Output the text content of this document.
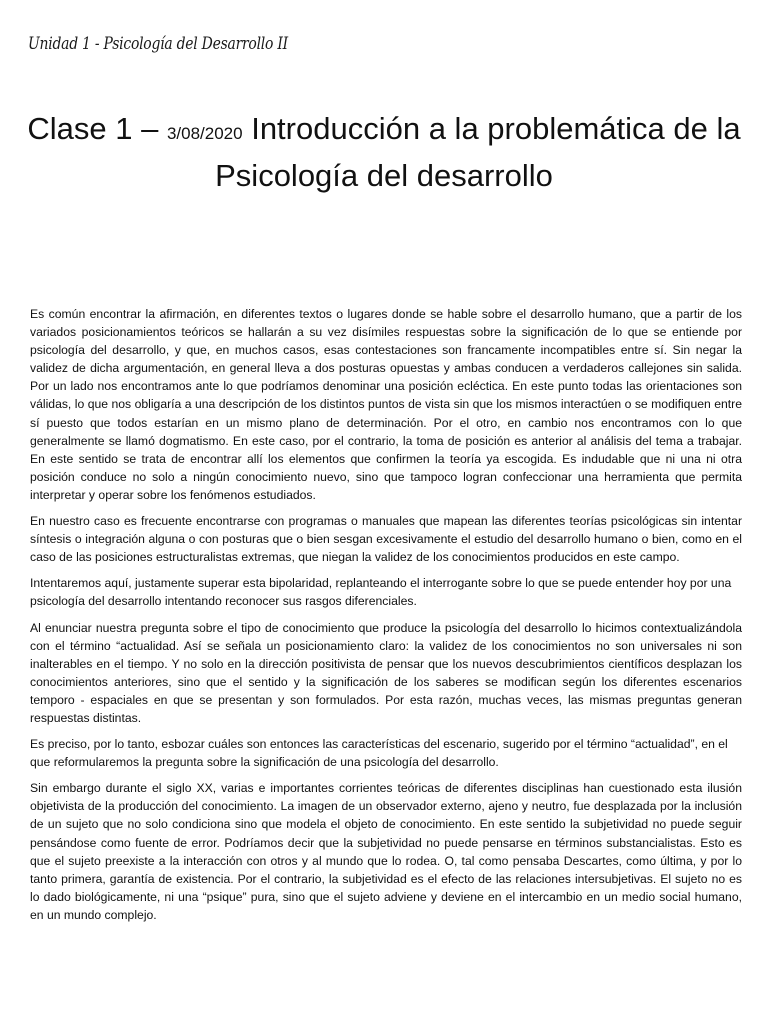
Unidad 1 - Psicología del Desarrollo II
Clase 1 – 3/08/2020 Introducción a la problemática de la Psicología del desarrollo

Es común encontrar la afirmación, en diferentes textos o lugares donde se hable sobre el desarrollo humano, que a partir de los variados posicionamientos teóricos se hallarán a su vez disímiles respuestas sobre la significación de lo que se entiende por psicología del desarrollo, y que, en muchos casos, esas contestaciones son francamente incompatibles entre sí. Sin negar la validez de dicha argumentación, en general lleva a dos posturas opuestas y ambas conducen a verdaderos callejones sin salida. Por un lado nos encontramos ante lo que podríamos denominar una posición ecléctica. En este punto todas las orientaciones son válidas, lo que nos obligaría a una descripción de los distintos puntos de vista sin que los mismos interactúen o se modifiquen entre sí puesto que todos estarían en un mismo plano de determinación. Por el otro, en cambio nos encontramos con lo que generalmente se llamó dogmatismo. En este caso, por el contrario, la toma de posición es anterior al análisis del tema a trabajar. En este sentido se trata de encontrar allí los elementos que confirmen la teoría ya escogida. Es indudable que ni una ni otra posición conduce no solo a ningún conocimiento nuevo, sino que tampoco logran confeccionar una herramienta que permita interpretar y operar sobre los fenómenos estudiados.

En nuestro caso es frecuente encontrarse con programas o manuales que mapean las diferentes teorías psicológicas sin intentar síntesis o integración alguna o con posturas que o bien sesgan excesivamente el estudio del desarrollo humano o bien, como en el caso de las posiciones estructuralistas extremas, que niegan la validez de los conocimientos producidos en este campo.

Intentaremos aquí, justamente superar esta bipolaridad, replanteando el interrogante sobre lo que se puede entender hoy por una psicología del desarrollo intentando reconocer sus rasgos diferenciales.

Al enunciar nuestra pregunta sobre el tipo de conocimiento que produce la psicología del desarrollo lo hicimos contextualizándola con el término “actualidad. Así se señala un posicionamiento claro: la validez de los conocimientos no son universales ni son inalterables en el tiempo. Y no solo en la dirección positivista de pensar que los nuevos descubrimientos científicos desplazan los conocimientos anteriores, sino que el sentido y la significación de los saberes se modifican según los diferentes escenarios temporo - espaciales en que se presentan y son formulados. Por esta razón, muchas veces, las mismas preguntas generan respuestas distintas.

Es preciso, por lo tanto, esbozar cuáles son entonces las características del escenario, sugerido por el término “actualidad”, en el que reformularemos la pregunta sobre la significación de una psicología del desarrollo.

Sin embargo durante el siglo XX, varias e importantes corrientes teóricas de diferentes disciplinas han cuestionado esta ilusión objetivista de la producción del conocimiento. La imagen de un observador externo, ajeno y neutro, fue desplazada por la inclusión de un sujeto que no solo condiciona sino que modela el objeto de conocimiento. En este sentido la subjetividad no puede seguir pensándose como fuente de error. Podríamos decir que la subjetividad no puede pensarse en términos substancialistas. Esto es que el sujeto preexiste a la interacción con otros y al mundo que lo rodea. O, tal como pensaba Descartes, como última, y por lo tanto primera, garantía de existencia. Por el contrario, la subjetividad es el efecto de las relaciones intersubjetivas. El sujeto no es lo dado biológicamente, ni una “psique” pura, sino que el sujeto adviene y deviene en el intercambio en un medio social humano, en un mundo complejo.
